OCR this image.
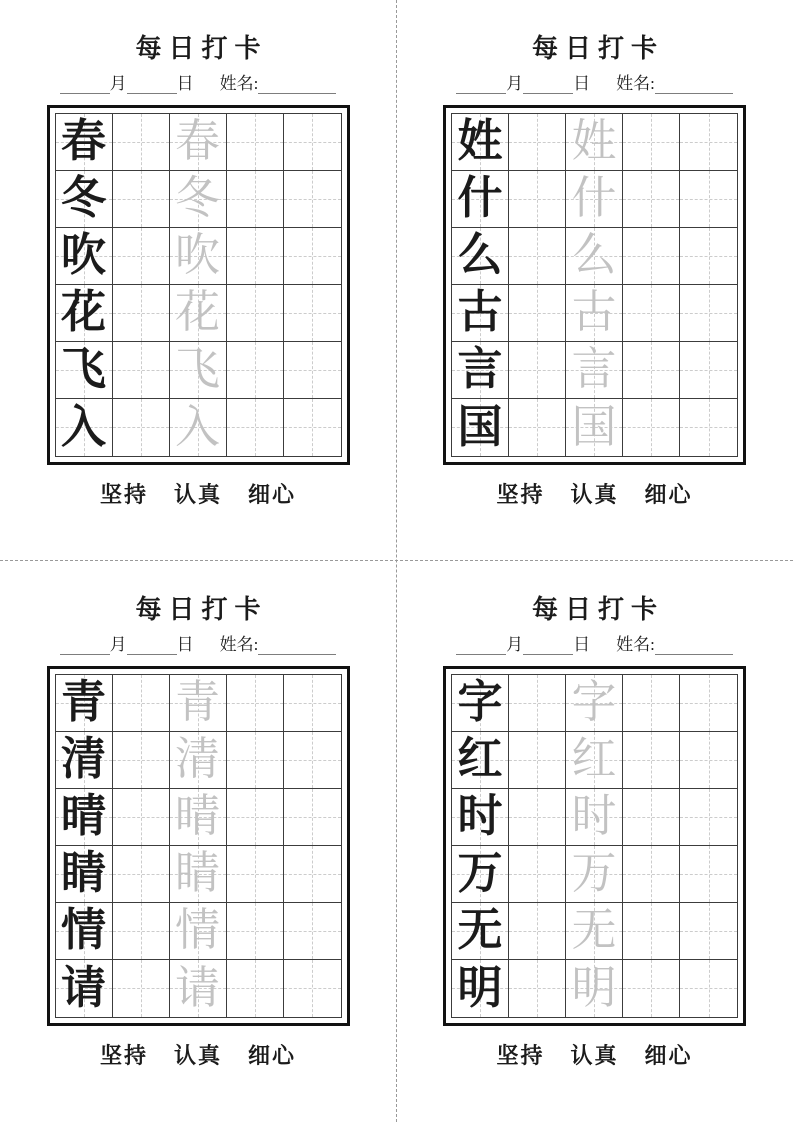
每日打卡
月	日 姓名:
春 春
冬 冬
吹 吹
花 花
飞 飞
入 入
坚持 认真 细心
每日打卡
月	日 姓名:
姓 姓
什 什
么 么
古 古
言 言
国 国
坚持 认真 细心
每日打卡
月	日 姓名:
青 青
清 清
晴 晴
睛 睛
情 情
请 请
坚持 认真 细心
每日打卡
月	日 姓名:
字 字
红 红
时 时
万 万
无 无
明 明
坚持 认真 细心
